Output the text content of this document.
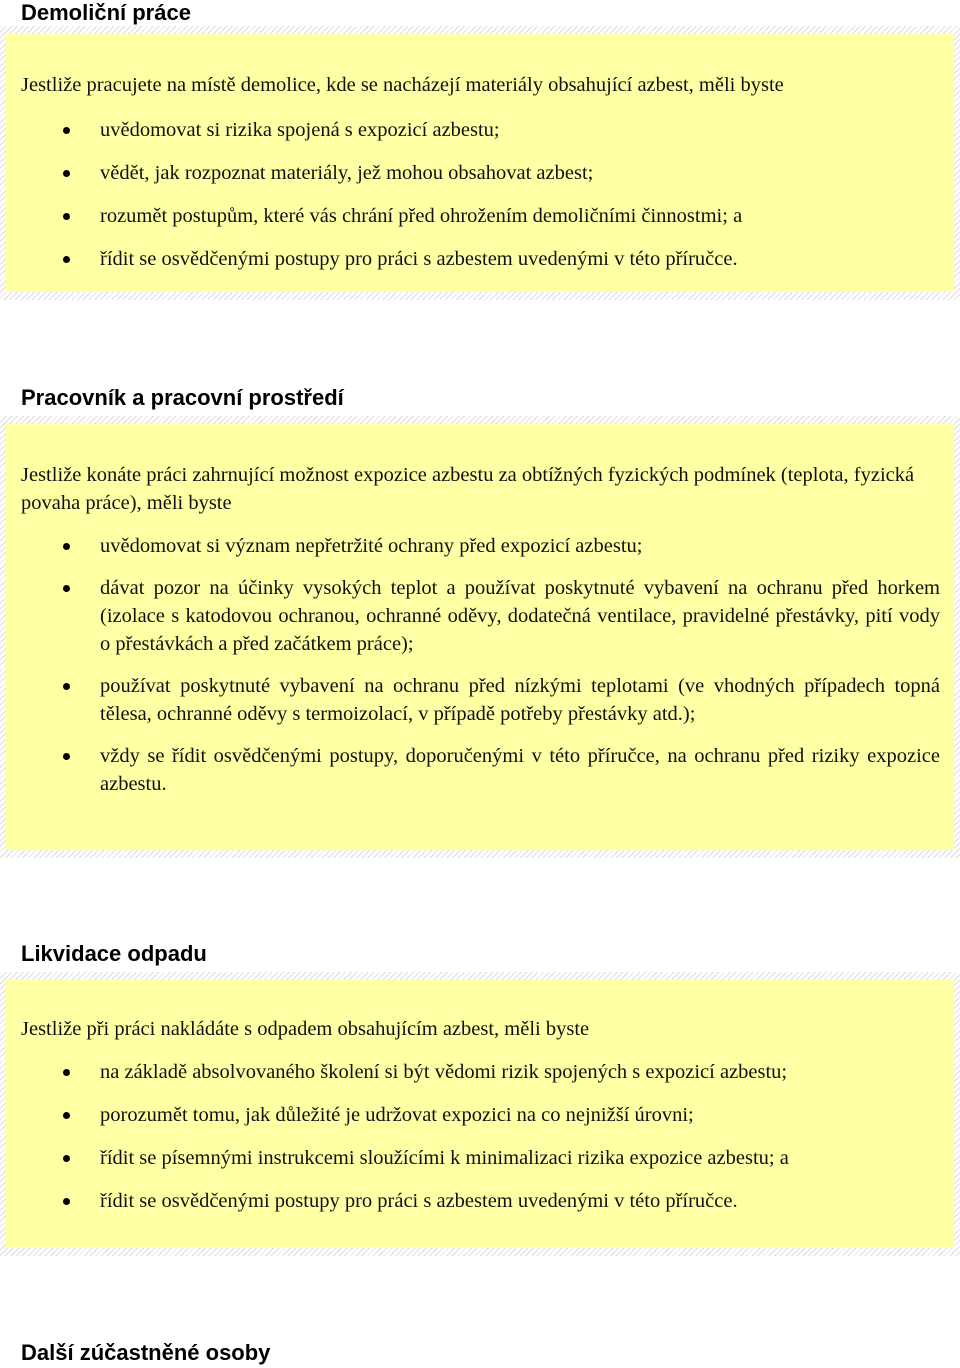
Demoliční práce

Jestliže pracujete na místě demolice, kde se nacházejí materiály obsahující azbest, měli byste

uvědomovat si rizika spojená s expozicí azbestu;
vědět, jak rozpoznat materiály, jež mohou obsahovat azbest;
rozumět postupům, které vás chrání před ohrožením demoličními činnostmi; a
řídit se osvědčenými postupy pro práci s azbestem uvedenými v této příručce.
Pracovník a pracovní prostředí

Jestliže konáte práci zahrnující možnost expozice azbestu za obtížných fyzických podmínek (teplota, fyzická povaha práce), měli byste

uvědomovat si význam nepřetržité ochrany před expozicí azbestu;
dávat pozor na účinky vysokých teplot a používat poskytnuté vybavení na ochranu před horkem (izolace s katodovou ochranou, ochranné oděvy, dodatečná ventilace, pravidelné přestávky, pití vody o přestávkách a před začátkem práce);
používat poskytnuté vybavení na ochranu před nízkými teplotami (ve vhodných případech topná tělesa, ochranné oděvy s termoizolací, v případě potřeby přestávky atd.);
vždy se řídit osvědčenými postupy, doporučenými v této příručce, na ochranu před riziky expozice azbestu.
Likvidace odpadu

Jestliže při práci nakládáte s odpadem obsahujícím azbest, měli byste

na základě absolvovaného školení si být vědomi rizik spojených s expozicí azbestu;
porozumět tomu, jak důležité je udržovat expozici na co nejnižší úrovni;
řídit se písemnými instrukcemi sloužícími k minimalizaci rizika expozice azbestu; a
řídit se osvědčenými postupy pro práci s azbestem uvedenými v této příručce.
Další zúčastněné osoby
